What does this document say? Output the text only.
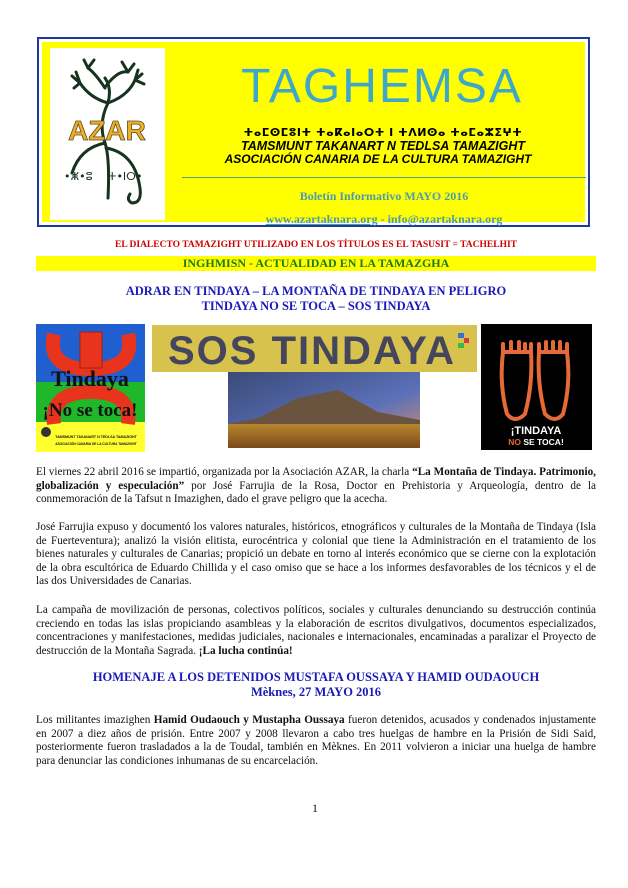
AZAR
•ⵥ•ⵓ ⵜ•ⵏⵔ•
TAGHEMSA
ⵜⴰⵎⵙⵎⵓⵏⵜ ⵜⴰⴽⴰⵏⴰⵔⵜ ⵏ ⵜⴷⵍⵙⴰ ⵜⴰⵎⴰⵣⵉⵖⵜ
TAMSMUNT TAKANART N TEDLSA TAMAZIGHT
ASOCIACIÓN CANARIA DE LA CULTURA TAMAZIGHT
Boletín Informativo MAYO 2016
www.azartaknara.org - info@azartaknara.org
EL DIALECTO TAMAZIGHT UTILIZADO EN LOS TÍTULOS ES EL TASUSIT = TACHELHIT
INGHMISN - ACTUALIDAD EN LA TAMAZGHA
ADRAR EN TINDAYA – LA MONTAÑA DE TINDAYA EN PELIGRO
TINDAYA NO SE TOCA – SOS TINDAYA
Tindaya
¡No se toca!
TAMSMUNT TAKANART N TEDLSA TAMAZIGHT
ASOCIACIÓN CANARIA DE LA CULTURA TAMAZIGHT
SOS TINDAYA
¡TINDAYA
NO SE TOCA!
El viernes 22 abril 2016 se impartió, organizada por la Asociación AZAR, la charla “La Montaña de Tindaya. Patrimonio, globalización y especulación” por José Farrujia de la Rosa, Doctor en Prehistoria y Arqueología, dentro de la conmemoración de la Tafsut n Imazighen, dado el grave peligro que la acecha.
José Farrujia expuso y documentó los valores naturales, históricos, etnográficos y culturales de la Montaña de Tindaya (Isla de Fuerteventura); analizó la visión elitista, eurocéntrica y colonial que tiene la Administración en el tratamiento de los bienes naturales y culturales de Canarias; propició un debate en torno al interés económico que se cierne con la explotación de la obra escultórica de Eduardo Chillida y el caso omiso que se hace a los informes desfavorables de los técnicos y el de las dos Universidades de Canarias.
La campaña de movilización de personas, colectivos políticos, sociales y culturales denunciando su destrucción continúa creciendo en todas las islas propiciando asambleas y la elaboración de escritos divulgativos, documentos especializados, concentraciones y manifestaciones, medidas judiciales, nacionales e internacionales, encaminadas a paralizar el Proyecto de destrucción de la Montaña Sagrada. ¡La lucha continúa!
HOMENAJE A LOS DETENIDOS MUSTAFA OUSSAYA Y HAMID OUDAOUCH
Mèknes, 27 MAYO 2016
Los militantes imazighen Hamid Oudaouch y Mustapha Oussaya fueron detenidos, acusados y condenados injustamente en 2007 a diez años de prisión. Entre 2007 y 2008 llevaron a cabo tres huelgas de hambre en la Prisión de Sidi Said, posteriormente fueron trasladados a la de Toudal, también en Mèknes. En 2011 volvieron a iniciar una huelga de hambre para denunciar las condiciones inhumanas de su encarcelación.
1
